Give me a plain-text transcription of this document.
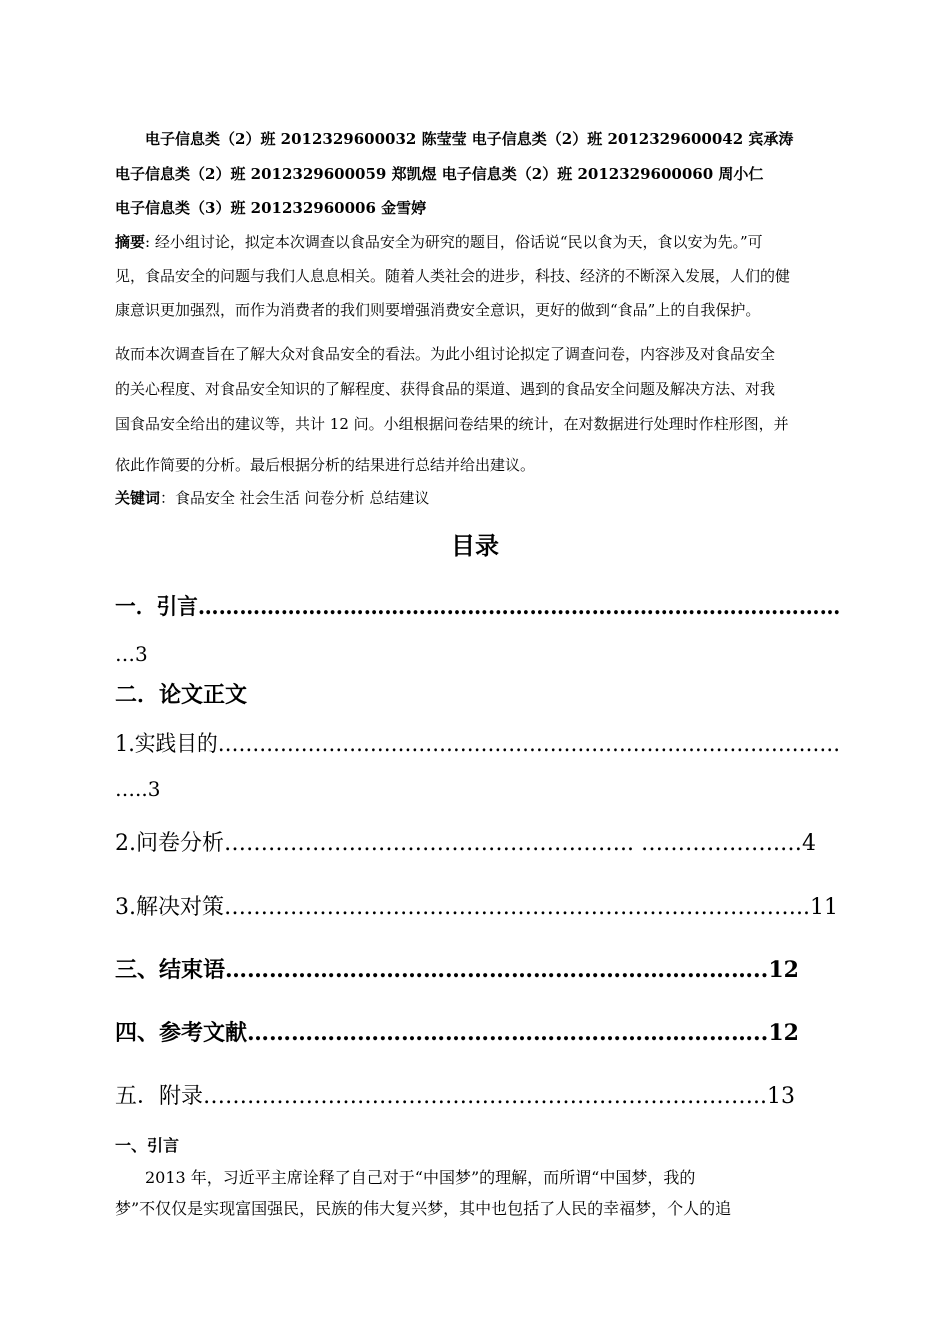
电子信息类（2）班 2012329600032 陈莹莹 电子信息类（2）班 2012329600042 宾承涛
电子信息类（2）班 2012329600059 郑凯煜 电子信息类（2）班 2012329600060 周小仁
电子信息类（3）班 201232960006 金雪婷
摘要: 经小组讨论，拟定本次调查以食品安全为研究的题目，俗话说“民以食为天，食以安为先。”可
见，食品安全的问题与我们人息息相关。随着人类社会的进步，科技、经济的不断深入发展，人们的健
康意识更加强烈，而作为消费者的我们则要增强消费安全意识，更好的做到“食品”上的自我保护。
故而本次调查旨在了解大众对食品安全的看法。为此小组讨论拟定了调查问卷，内容涉及对食品安全
的关心程度、对食品安全知识的了解程度、获得食品的渠道、遇到的食品安全问题及解决方法、对我
国食品安全给出的建议等，共计 12 问。小组根据问卷结果的统计，在对数据进行处理时作柱形图，并
依此作简要的分析。最后根据分析的结果进行总结并给出建议。
关键词：食品安全 社会生活 问卷分析 总结建议
目录
一．引言…………………………………………………………………………………
…3
二．论文正文
1.实践目的………………………………………………………………………………
…..3
2.问卷分析……………………………………………….. ……………….…4
3.解决对策……………………………………………………………………..11
三、结束语………………………………………………………………..12
四、参考文献……………………………………………………………..12
五．附录…………………………………………………………………..13
一、引言
2013 年，习近平主席诠释了自己对于“中国梦”的理解，而所谓“中国梦，我的
梦”不仅仅是实现富国强民，民族的伟大复兴梦，其中也包括了人民的幸福梦，个人的追
